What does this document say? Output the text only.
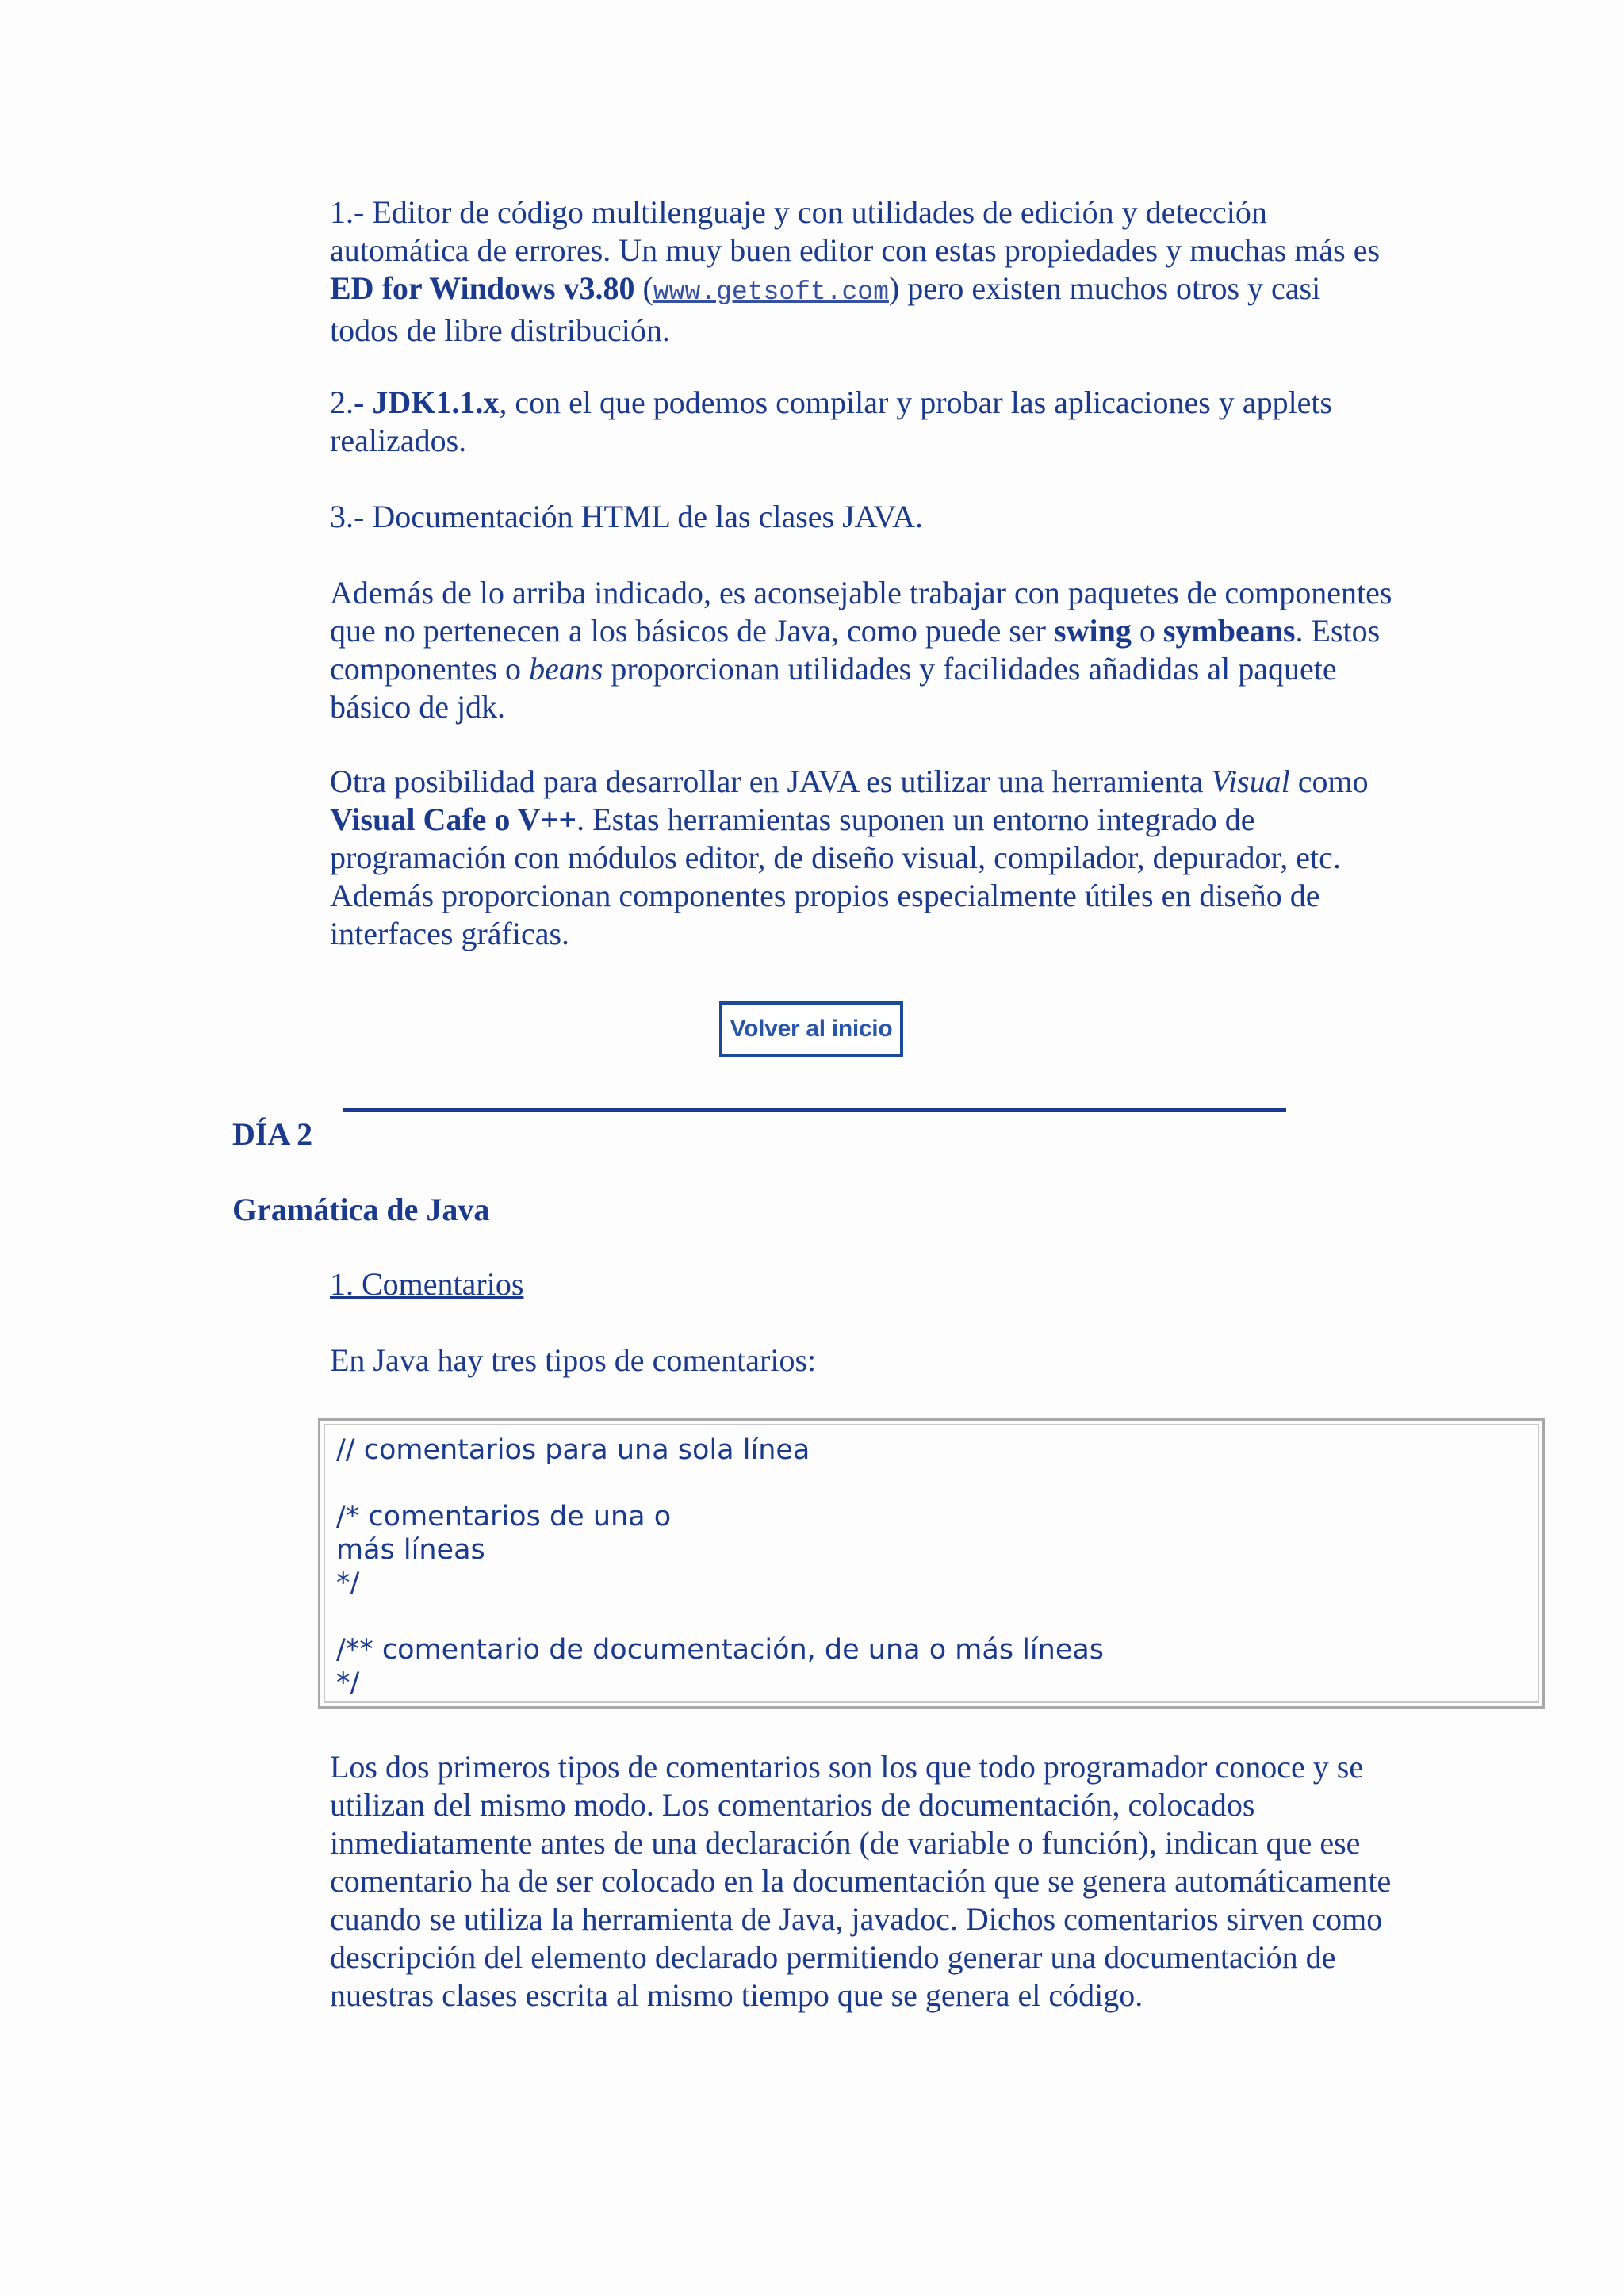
1.- Editor de código multilenguaje y con utilidades de edición y detección automática de errores. Un muy buen editor con estas propiedades y muchas más es ED for Windows v3.80 (www.getsoft.com) pero existen muchos otros y casi todos de libre distribución.

2.- JDK1.1.x, con el que podemos compilar y probar las aplicaciones y applets realizados.

3.- Documentación HTML de las clases JAVA.

Además de lo arriba indicado, es aconsejable trabajar con paquetes de componentes que no pertenecen a los básicos de Java, como puede ser swing o symbeans. Estos componentes o beans proporcionan utilidades y facilidades añadidas al paquete básico de jdk.

Otra posibilidad para desarrollar en JAVA es utilizar una herramienta Visual como Visual Cafe o V++. Estas herramientas suponen un entorno integrado de programación con módulos editor, de diseño visual, compilador, depurador, etc. Además proporcionan componentes propios especialmente útiles en diseño de interfaces gráficas.

Volver al inicio

DÍA 2

Gramática de Java

1. Comentarios

En Java hay tres tipos de comentarios:

// comentarios para una sola línea

/* comentarios de una o
más líneas
*/

/** comentario de documentación, de una o más líneas
*/

Los dos primeros tipos de comentarios son los que todo programador conoce y se utilizan del mismo modo. Los comentarios de documentación, colocados inmediatamente antes de una declaración (de variable o función), indican que ese comentario ha de ser colocado en la documentación que se genera automáticamente cuando se utiliza la herramienta de Java, javadoc. Dichos comentarios sirven como descripción del elemento declarado permitiendo generar una documentación de nuestras clases escrita al mismo tiempo que se genera el código.
